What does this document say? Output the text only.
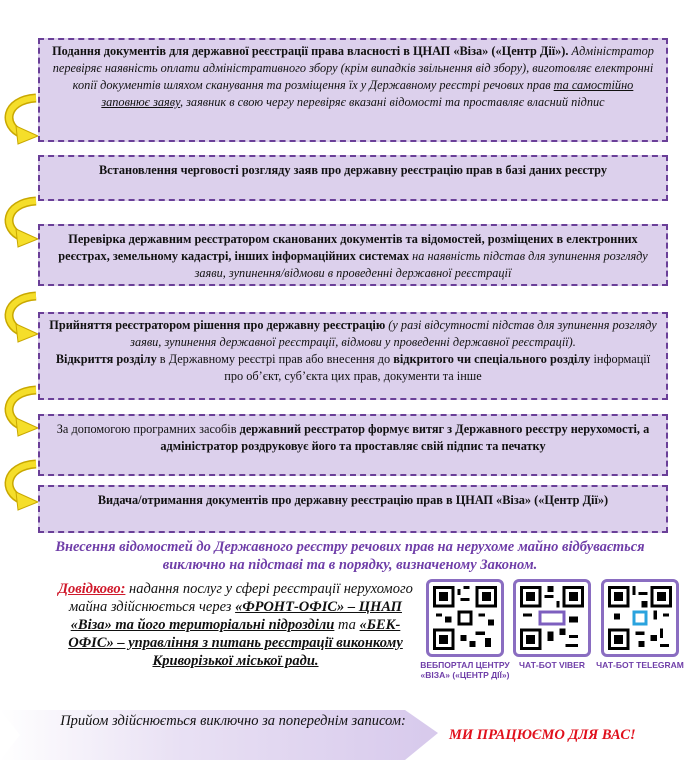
Подання документів для державної реєстрації права власності в ЦНАП «Віза» («Центр Дії»). Адміністратор перевіряє наявність оплати адміністративного збору (крім випадків звільнення від збору), виготовляє електронні копії документів шляхом сканування та розміщення їх у Державному реєстрі речових прав та самостійно заповнює заяву, заявник в свою чергу перевіряє вказані відомості та проставляє власний підпис
Встановлення черговості розгляду заяв про державну реєстрацію прав в базі даних реєстру
Перевірка державним реєстратором сканованих документів та відомостей, розміщених в електронних реєстрах, земельному кадастрі, інших інформаційних системах на наявність підстав для зупинення розгляду заяви, зупинення/відмови в проведенні державної реєстрації
Прийняття реєстратором рішення про державну реєстрацію (у разі відсутності підстав для зупинення розгляду заяви, зупинення державної реєстрації, відмови у проведенні державної реєстрації).
Відкриття розділу в Державному реєстрі прав або внесення до відкритого чи спеціального розділу інформації про об’єкт, суб’єкта цих прав, документи та інше
За допомогою програмних засобів державний реєстратор формує витяг з Державного реєстру нерухомості, а адміністратор роздруковує його та проставляє свій підпис та печатку
Видача/отримання документів про державну реєстрацію прав в ЦНАП «Віза» («Центр Дії»)
Внесення відомостей до Державного реєстру речових прав на нерухоме майно відбувається виключно на підставі та в порядку, визначеному Законом.
Довідково: надання послуг у сфері реєстрації нерухомого майна здійснюється через «ФРОНТ-ОФІС» – ЦНАП «Віза» та його територіальні підрозділи та «БЕК-ОФІС» – управління з питань реєстрації виконкому Криворізької міської ради.	ВЕБПОРТАЛ ЦЕНТРУ «ВІЗА» («ЦЕНТР ДІЇ»)
ЧАТ-БОТ VIBER	ЧАТ-БОТ TELEGRAM
Прийом здійснюється виключно за попереднім записом:
МИ ПРАЦЮЄМО ДЛЯ ВАС!
